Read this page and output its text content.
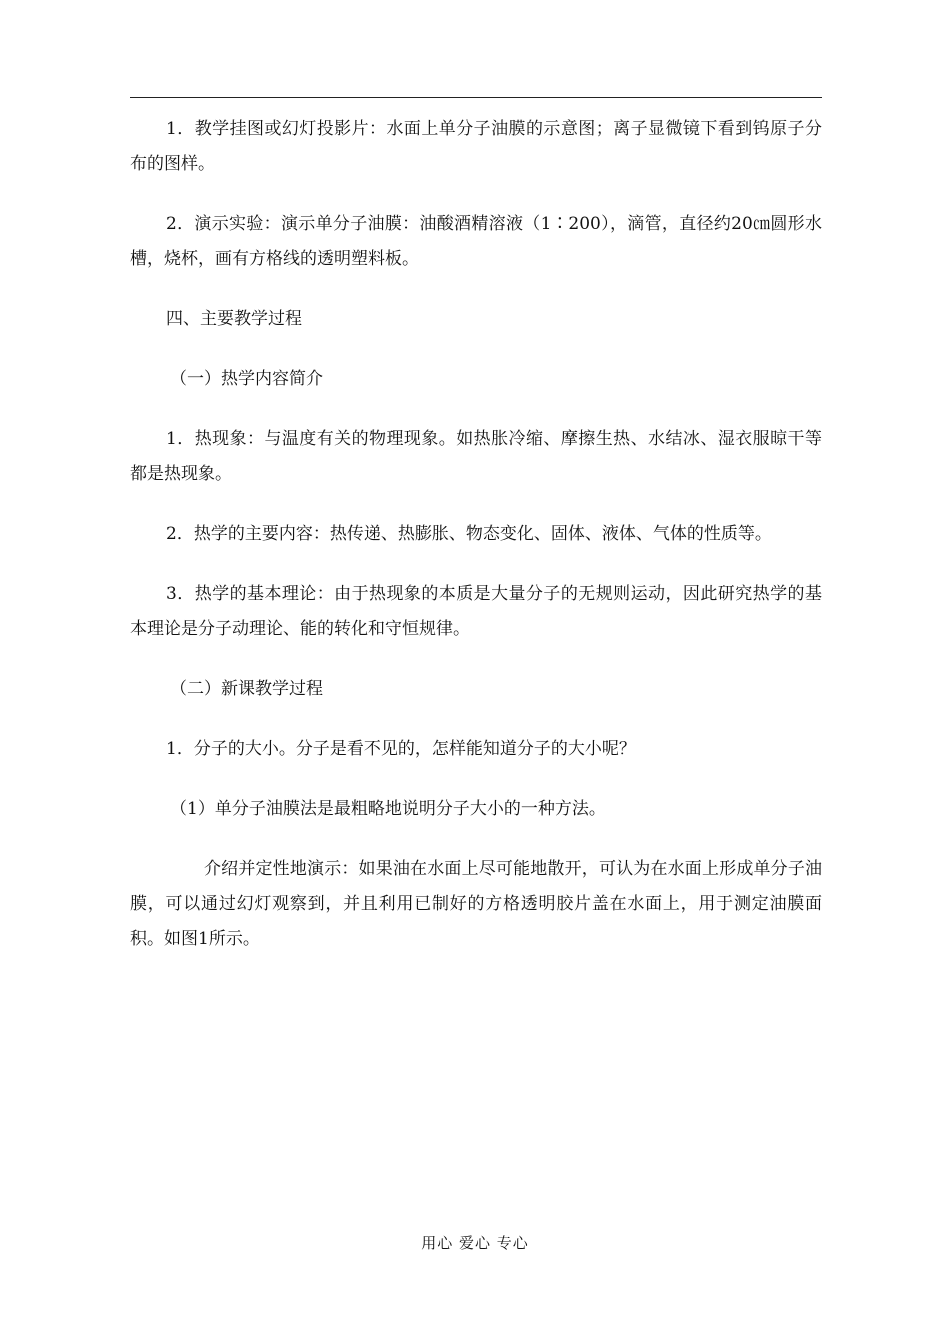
1．教学挂图或幻灯投影片：水面上单分子油膜的示意图；离子显微镜下看到钨原子分布的图样。

2．演示实验：演示单分子油膜：油酸酒精溶液（1∶200），滴管，直径约20㎝圆形水槽，烧杯，画有方格线的透明塑料板。

四、主要教学过程

（一）热学内容简介

1．热现象：与温度有关的物理现象。如热胀冷缩、摩擦生热、水结冰、湿衣服晾干等都是热现象。

2．热学的主要内容：热传递、热膨胀、物态变化、固体、液体、气体的性质等。

3．热学的基本理论：由于热现象的本质是大量分子的无规则运动，因此研究热学的基本理论是分子动理论、能的转化和守恒规律。

（二）新课教学过程

1．分子的大小。分子是看不见的，怎样能知道分子的大小呢？

（1）单分子油膜法是最粗略地说明分子大小的一种方法。

介绍并定性地演示：如果油在水面上尽可能地散开，可认为在水面上形成单分子油膜，可以通过幻灯观察到，并且利用已制好的方格透明胶片盖在水面上，用于测定油膜面积。如图1所示。

用心 爱心 专心
